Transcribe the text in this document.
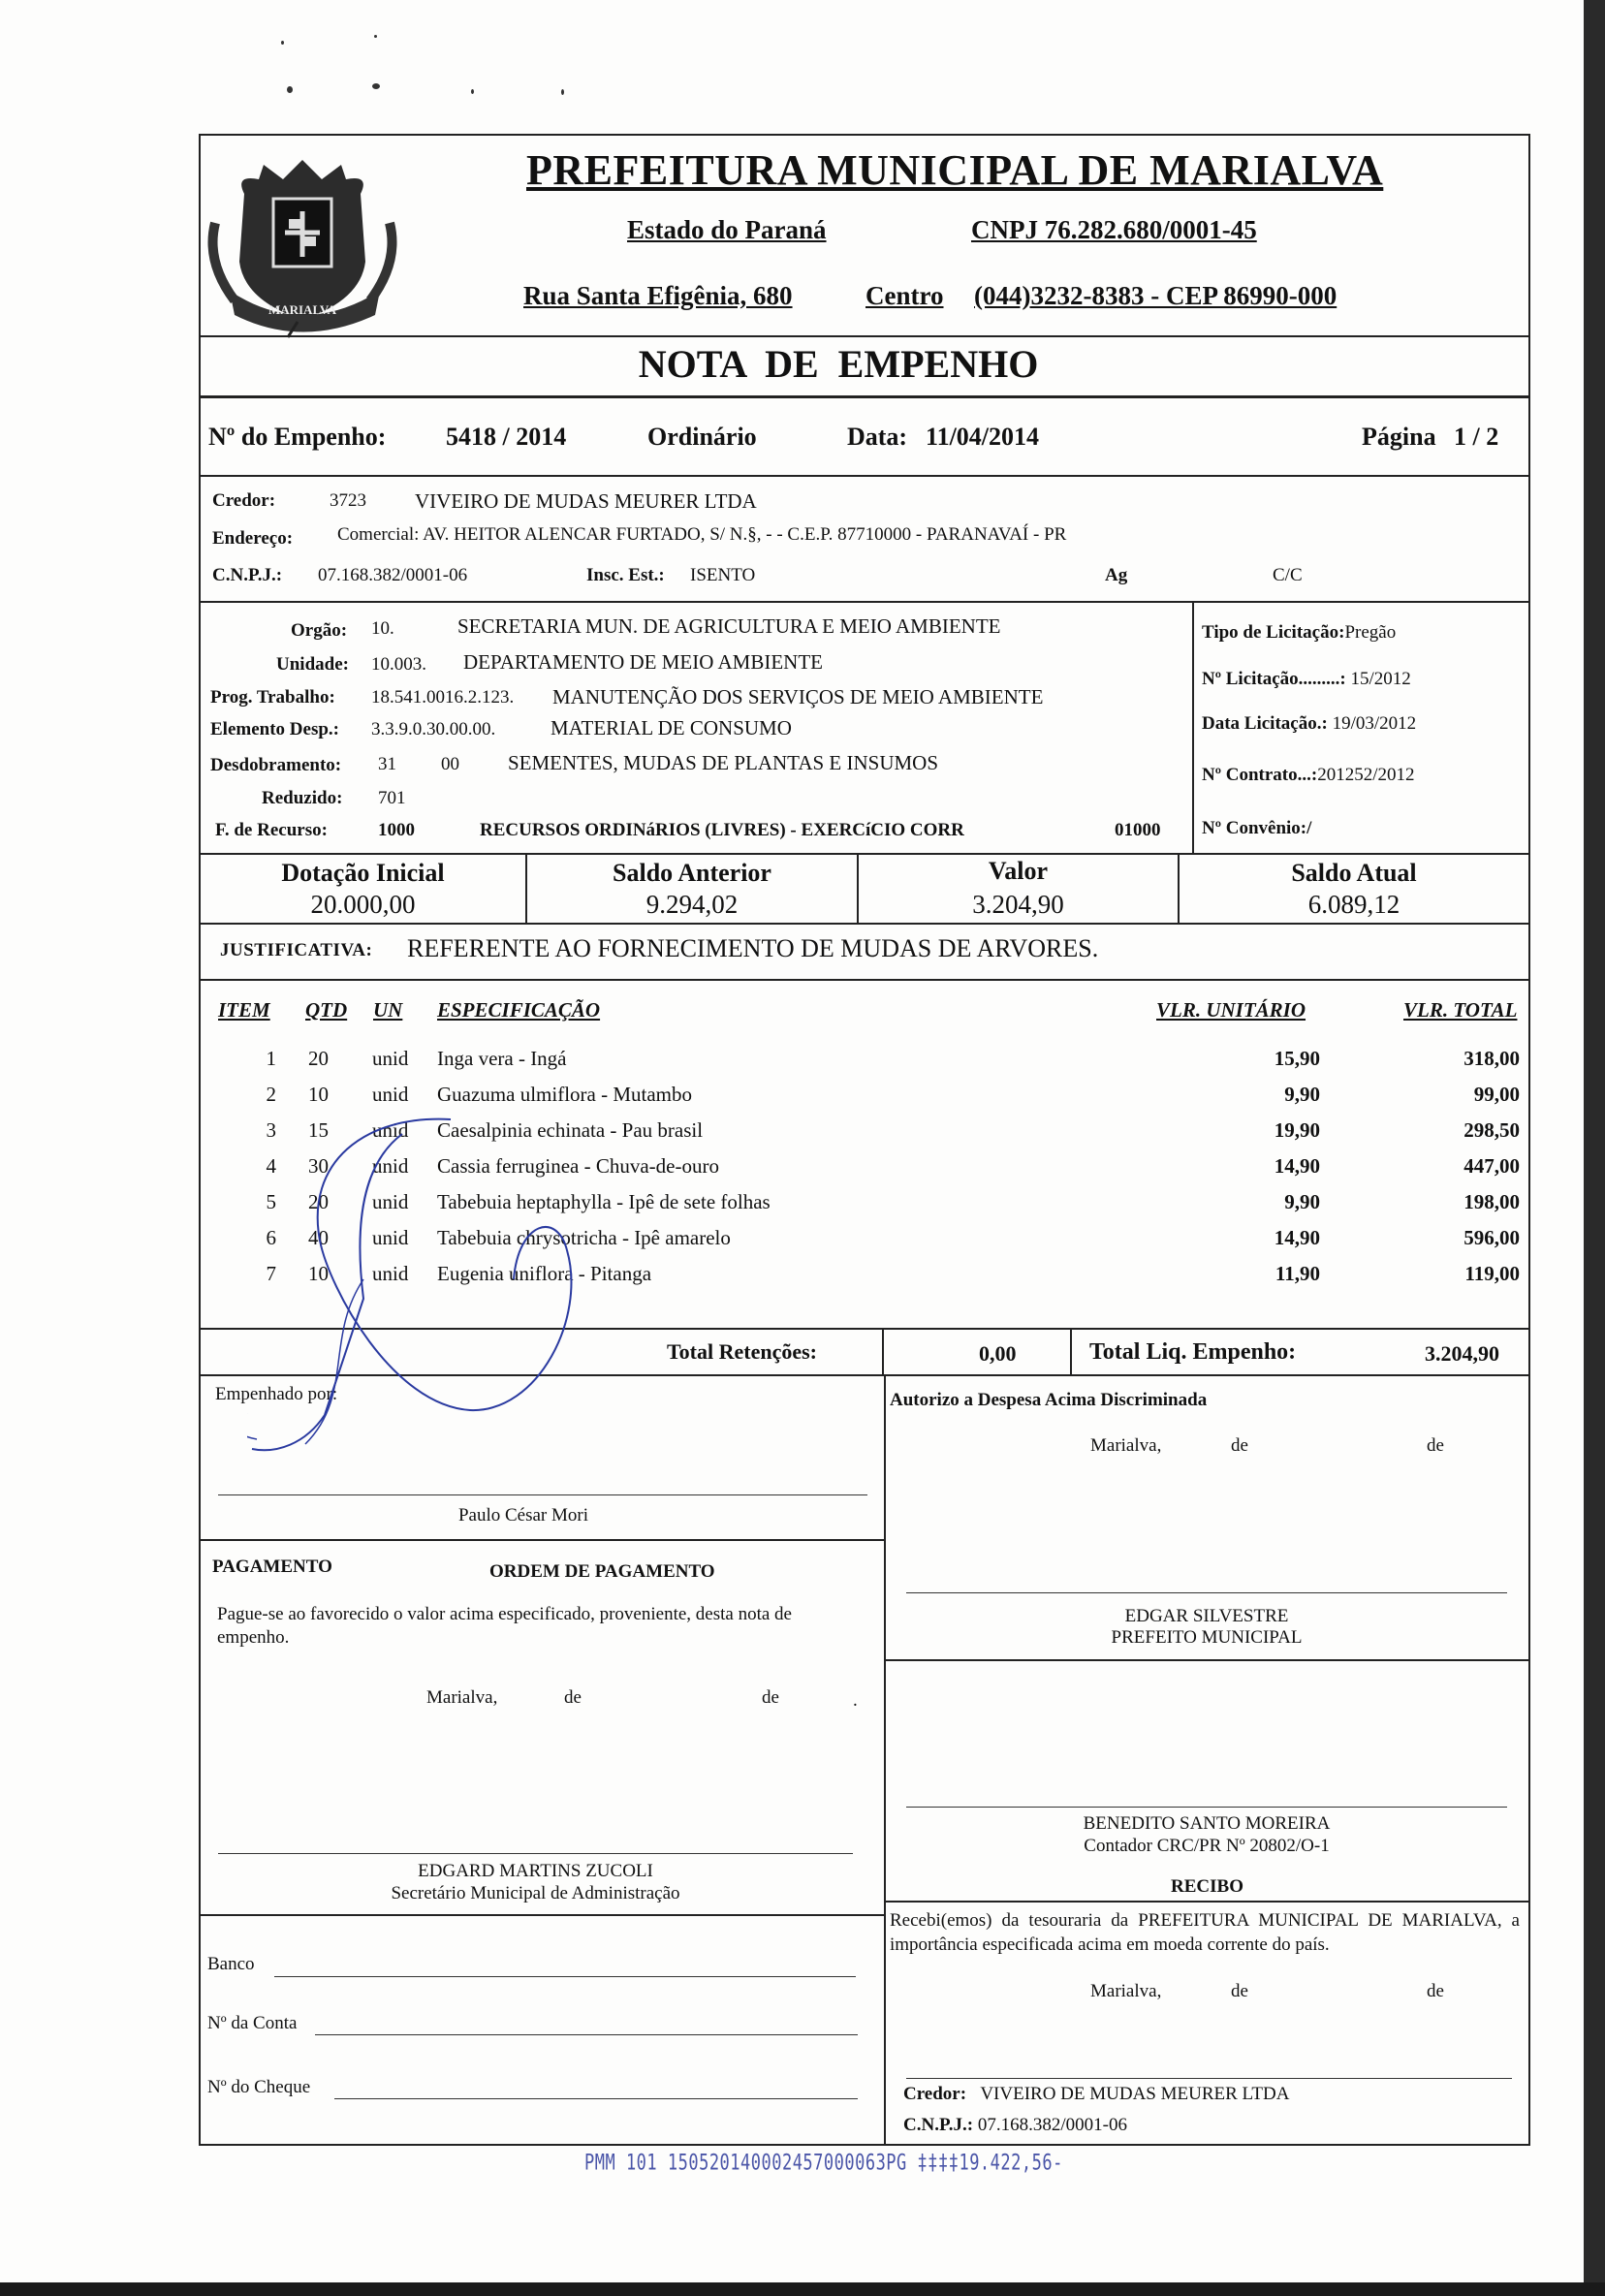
MARIALVA
PREFEITURA MUNICIPAL DE MARIALVA
Estado do Paraná	CNPJ 76.282.680/0001-45
Rua Santa Efigênia, 680	Centro (044)3232-8383 - CEP 86990-000
NOTA  DE  EMPENHO
Nº do Empenho: 5418 / 2014	Ordinário	Data: 11/04/2014	Página 1 / 2
Credor:	3723 VIVEIRO DE MUDAS MEURER LTDA
Endereço: Comercial: AV. HEITOR ALENCAR FURTADO, S/ N.§, - - C.E.P. 87710000 - PARANAVAÍ - PR
C.N.P.J.: 07.168.382/0001-06	Insc. Est.: ISENTO	Ag	C/C
Orgão: 10.	SECRETARIA MUN. DE AGRICULTURA E MEIO AMBIENTE
Unidade: 10.003. DEPARTAMENTO DE MEIO AMBIENTE
Prog. Trabalho: 18.541.0016.2.123. MANUTENÇÃO DOS SERVIÇOS DE MEIO AMBIENTE
Elemento Desp.: 3.3.9.0.30.00.00.	MATERIAL DE CONSUMO
Desdobramento: 31 00 SEMENTES, MUDAS DE PLANTAS E INSUMOS
Reduzido: 701
F. de Recurso:	1000	RECURSOS ORDINáRIOS (LIVRES) - EXERCíCIO CORR	01000
Tipo de Licitação:Pregão
Nº Licitação.........: 15/2012
Data Licitação.: 19/03/2012
Nº Contrato...:201252/2012
Nº Convênio:/
Dotação Inicial
20.000,00
Saldo Anterior
9.294,02
Valor
3.204,90
Saldo Atual
6.089,12
JUSTIFICATIVA: REFERENTE AO FORNECIMENTO DE MUDAS DE ARVORES.
ITEM QTD UN ESPECIFICAÇÃO	VLR. UNITÁRIO	VLR. TOTAL
1 20	unid	Inga vera - Ingá	15,90	318,00
2 10	unid	Guazuma ulmiflora - Mutambo	9,90	99,00
3 15	unid	Caesalpinia echinata - Pau brasil	19,90	298,50
4 30	unid	Cassia ferruginea - Chuva-de-ouro	14,90	447,00
5 20	unid	Tabebuia heptaphylla - Ipê de sete folhas	9,90	198,00
6 40	unid	Tabebuia chrysotricha - Ipê amarelo	14,90	596,00
7 10	unid	Eugenia uniflora - Pitanga	11,90	119,00
Total Retenções:	0,00	Total Liq. Empenho:	3.204,90
Empenhado por:
Paulo César Mori
Autorizo a Despesa Acima Discriminada
Marialva,	de	de
EDGAR SILVESTRE
PREFEITO MUNICIPAL
PAGAMENTO	ORDEM DE PAGAMENTO
Pague-se ao favorecido o valor acima especificado, proveniente, desta nota de empenho.
Marialva,	de	de	.
EDGARD MARTINS ZUCOLI
Secretário Municipal de Administração
Banco
Nº da Conta
Nº do Cheque
BENEDITO SANTO MOREIRA
Contador CRC/PR Nº 20802/O-1
RECIBO
Recebi(emos) da tesouraria da PREFEITURA MUNICIPAL DE MARIALVA, a importância especificada acima em moeda corrente do país.
Marialva,	de	de
Credor: VIVEIRO DE MUDAS MEURER LTDA
C.N.P.J.: 07.168.382/0001-06
PMM 101 150520140002457000063PG ‡‡‡‡19.422,56-
